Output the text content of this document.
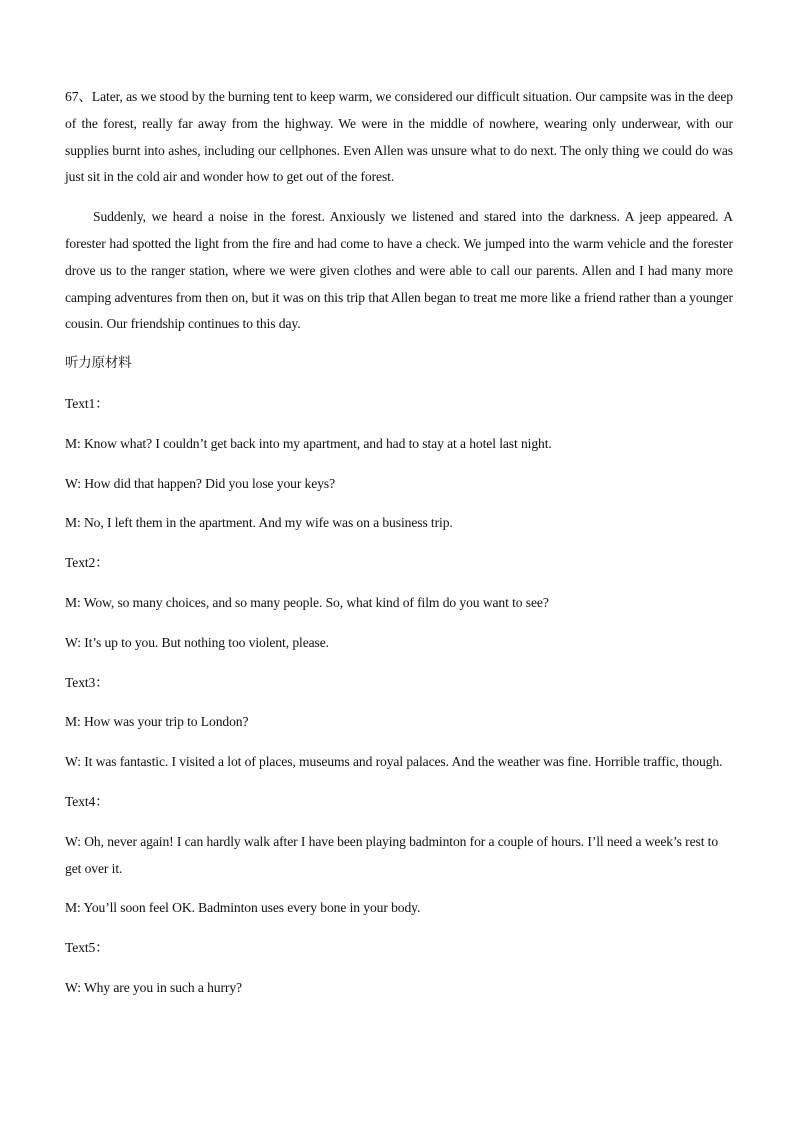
67、Later, as we stood by the burning tent to keep warm, we considered our difficult situation. Our campsite was in the deep of the forest, really far away from the highway. We were in the middle of nowhere, wearing only underwear, with our supplies burnt into ashes, including our cellphones. Even Allen was unsure what to do next. The only thing we could do was just sit in the cold air and wonder how to get out of the forest.

Suddenly, we heard a noise in the forest. Anxiously we listened and stared into the darkness. A jeep appeared. A forester had spotted the light from the fire and had come to have a check. We jumped into the warm vehicle and the forester drove us to the ranger station, where we were given clothes and were able to call our parents. Allen and I had many more camping adventures from then on, but it was on this trip that Allen began to treat me more like a friend rather than a younger cousin. Our friendship continues to this day.

听力原材料
Text1：
M: Know what? I couldn’t get back into my apartment, and had to stay at a hotel last night.
W: How did that happen? Did you lose your keys?
M: No, I left them in the apartment. And my wife was on a business trip.
Text2：
M: Wow, so many choices, and so many people. So, what kind of film do you want to see?
W: It’s up to you. But nothing too violent, please.
Text3：
M: How was your trip to London?
W: It was fantastic. I visited a lot of places, museums and royal palaces. And the weather was fine. Horrible traffic, though.
Text4：
W: Oh, never again! I can hardly walk after I have been playing badminton for a couple of hours. I’ll need a week’s rest to get over it.
M: You’ll soon feel OK. Badminton uses every bone in your body.
Text5：
W: Why are you in such a hurry?
